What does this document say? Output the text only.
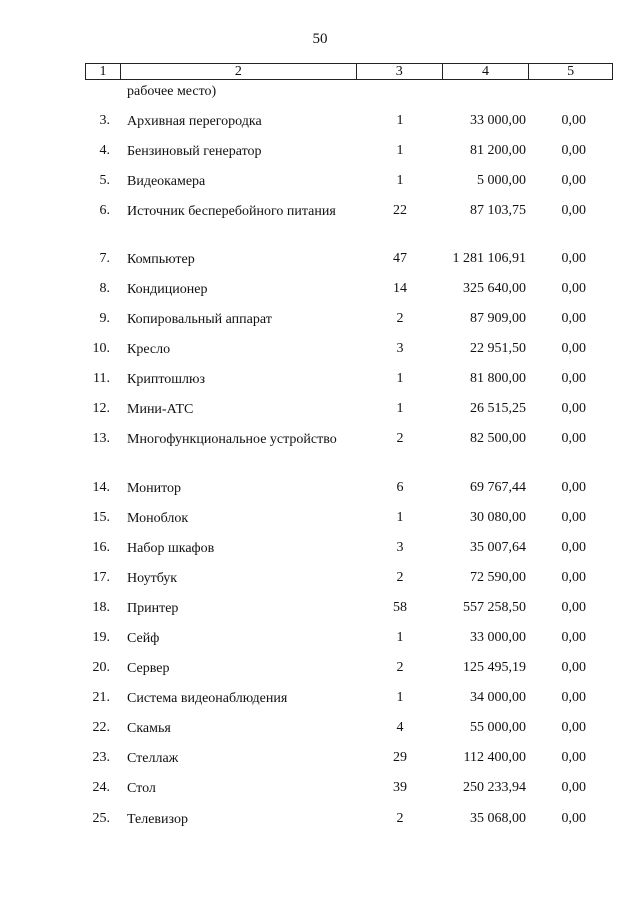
50
1	2	3	4	5
рабочее место)
3. Архивная перегородка	1	33 000,00	0,00
4. Бензиновый генератор	1	81 200,00	0,00
5. Видеокамера	1	5 000,00	0,00
6. Источник бесперебойного питания	22	87 103,75	0,00
7. Компьютер	47	1 281 106,91	0,00
8. Кондиционер	14	325 640,00	0,00
9. Копировальный аппарат	2	87 909,00	0,00
10. Кресло	3	22 951,50	0,00
11. Криптошлюз	1	81 800,00	0,00
12. Мини-АТС	1	26 515,25	0,00
13. Многофункциональное устройство	2	82 500,00	0,00
14. Монитор	6	69 767,44	0,00
15. Моноблок	1	30 080,00	0,00
16. Набор шкафов	3	35 007,64	0,00
17. Ноутбук	2	72 590,00	0,00
18. Принтер	58	557 258,50	0,00
19. Сейф	1	33 000,00	0,00
20. Сервер	2	125 495,19	0,00
21. Система видеонаблюдения	1	34 000,00	0,00
22. Скамья	4	55 000,00	0,00
23. Стеллаж	29	112 400,00	0,00
24. Стол	39	250 233,94	0,00
25. Телевизор	2	35 068,00	0,00
